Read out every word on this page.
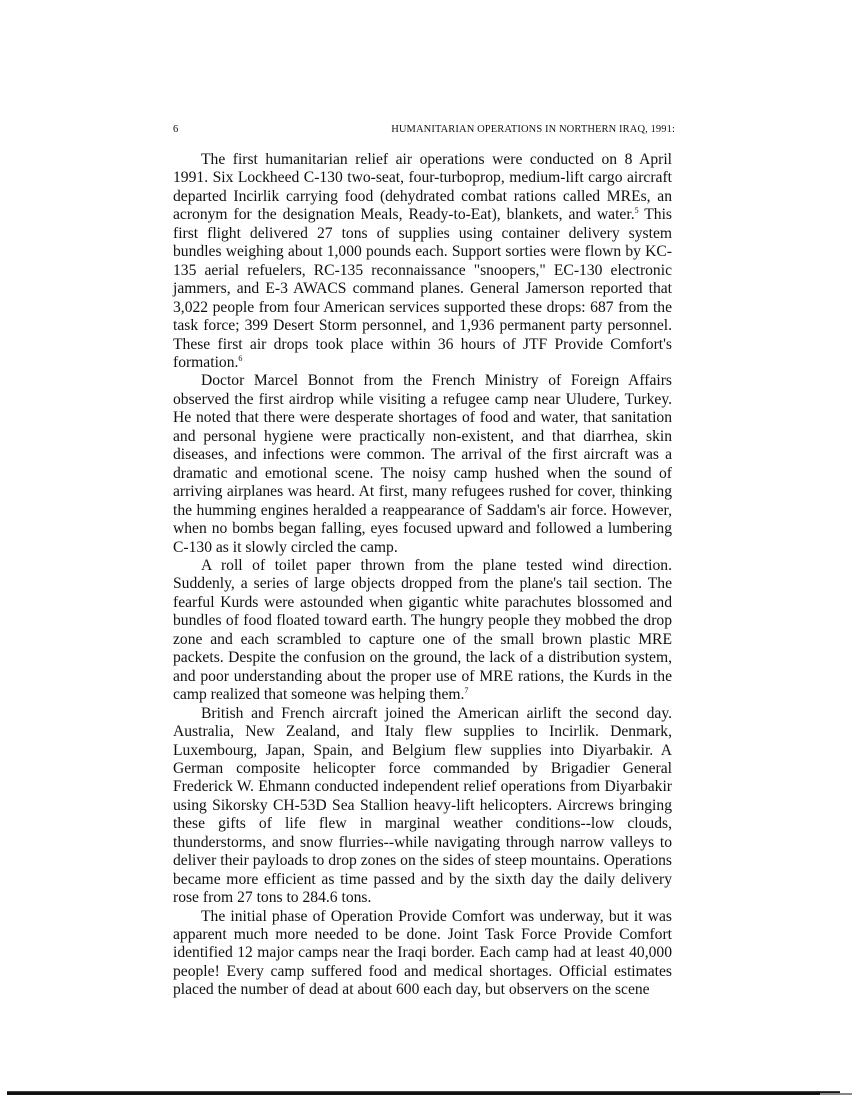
6	HUMANITARIAN OPERATIONS IN NORTHERN IRAQ, 1991:

The first humanitarian relief air operations were conducted on 8 April 1991. Six Lockheed C-130 two-seat, four-turboprop, medium-lift cargo aircraft departed Incirlik carrying food (dehydrated combat rations called MREs, an acronym for the designation Meals, Ready-to-Eat), blankets, and water.$^5$ This first flight delivered 27 tons of supplies using container delivery system bundles weighing about 1,000 pounds each. Support sorties were flown by KC-135 aerial refuelers, RC-135 reconnaissance "snoopers," EC-130 electronic jammers, and E-3 AWACS command planes. General Jamerson reported that 3,022 people from four American services supported these drops: 687 from the task force; 399 Desert Storm personnel, and 1,936 permanent party personnel. These first air drops took place within 36 hours of JTF Provide Comfort's formation.$^6$

Doctor Marcel Bonnot from the French Ministry of Foreign Affairs observed the first airdrop while visiting a refugee camp near Uludere, Turkey. He noted that there were desperate shortages of food and water, that sanitation and personal hygiene were practically non-existent, and that diarrhea, skin diseases, and infections were common. The arrival of the first aircraft was a dramatic and emotional scene. The noisy camp hushed when the sound of arriving airplanes was heard. At first, many refugees rushed for cover, thinking the humming engines heralded a reappearance of Saddam's air force. However, when no bombs began falling, eyes focused upward and followed a lumbering C-130 as it slowly circled the camp.

A roll of toilet paper thrown from the plane tested wind direction. Suddenly, a series of large objects dropped from the plane's tail section. The fearful Kurds were astounded when gigantic white parachutes blossomed and bundles of food floated toward earth. The hungry people they mobbed the drop zone and each scrambled to capture one of the small brown plastic MRE packets. Despite the confusion on the ground, the lack of a distribution system, and poor understanding about the proper use of MRE rations, the Kurds in the camp realized that someone was helping them.$^7$

British and French aircraft joined the American airlift the second day. Australia, New Zealand, and Italy flew supplies to Incirlik. Denmark, Luxembourg, Japan, Spain, and Belgium flew supplies into Diyarbakir. A German composite helicopter force commanded by Brigadier General Frederick W. Ehmann conducted independent relief operations from Diyarbakir using Sikorsky CH-53D Sea Stallion heavy-lift helicopters. Aircrews bringing these gifts of life flew in marginal weather conditions--low clouds, thunderstorms, and snow flurries--while navigating through narrow valleys to deliver their payloads to drop zones on the sides of steep mountains. Operations became more efficient as time passed and by the sixth day the daily delivery rose from 27 tons to 284.6 tons.

The initial phase of Operation Provide Comfort was underway, but it was apparent much more needed to be done. Joint Task Force Provide Comfort identified 12 major camps near the Iraqi border. Each camp had at least 40,000 people! Every camp suffered food and medical shortages. Official estimates placed the number of dead at about 600 each day, but observers on the scene
